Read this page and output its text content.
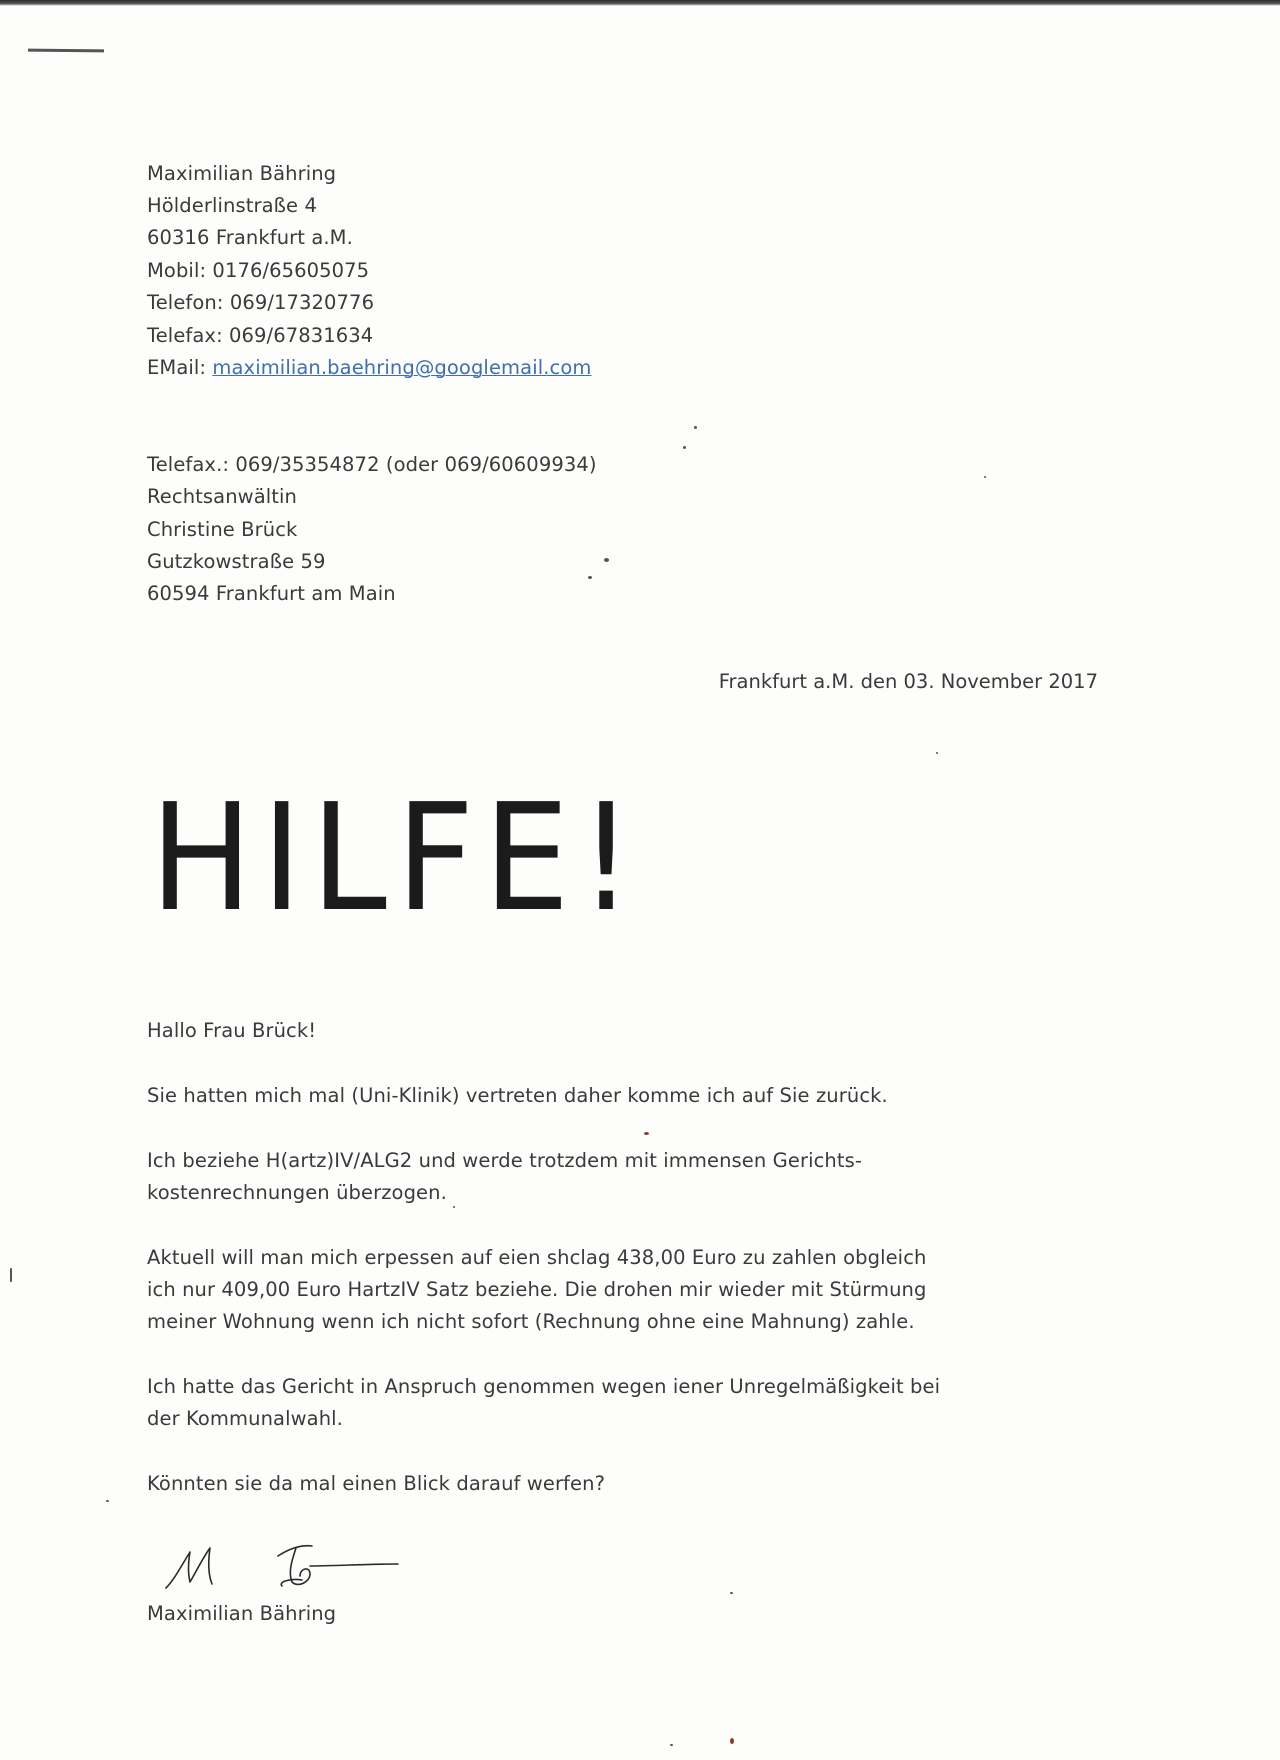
Maximilian Bähring
Hölderlinstraße 4
60316 Frankfurt a.M.
Mobil: 0176/65605075
Telefon: 069/17320776
Telefax: 069/67831634
EMail: maximilian.baehring@googlemail.com
Telefax.: 069/35354872 (oder 069/60609934)
Rechtsanwältin
Christine Brück
Gutzkowstraße 59
60594 Frankfurt am Main
Frankfurt a.M. den 03. November 2017
HILFE!
Hallo Frau Brück!
Sie hatten mich mal (Uni-Klinik) vertreten daher komme ich auf Sie zurück.
Ich beziehe H(artz)IV/ALG2 und werde trotzdem mit immensen Gerichts-
kostenrechnungen überzogen.
Aktuell will man mich erpessen auf eien shclag 438,00 Euro zu zahlen obgleich
ich nur 409,00 Euro HartzIV Satz beziehe. Die drohen mir wieder mit Stürmung
meiner Wohnung wenn ich nicht sofort (Rechnung ohne eine Mahnung) zahle.
Ich hatte das Gericht in Anspruch genommen wegen iener Unregelmäßigkeit bei
der Kommunalwahl.
Könnten sie da mal einen Blick darauf werfen?
Maximilian Bähring
